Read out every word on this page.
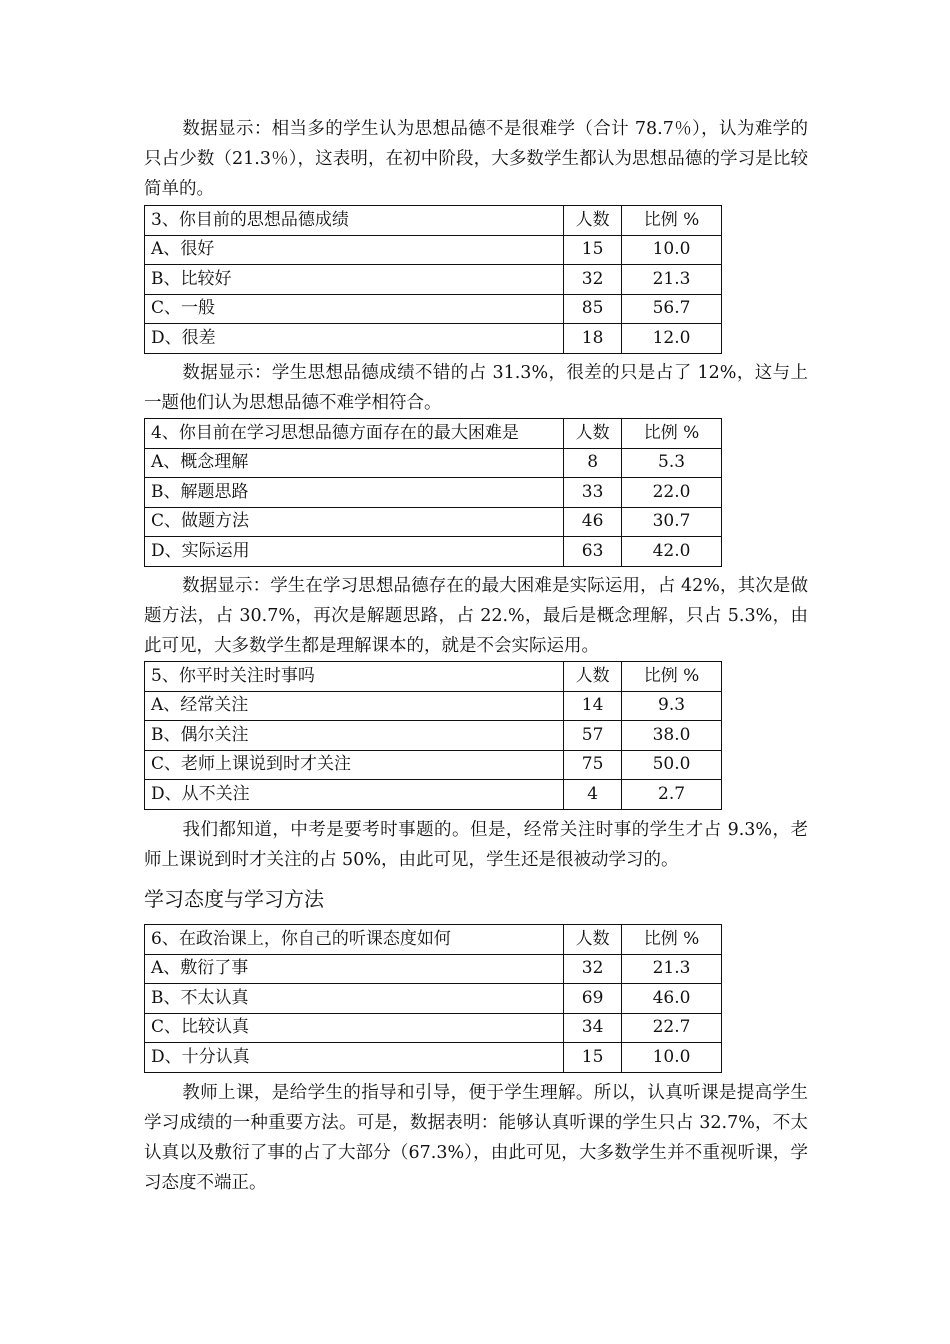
数据显示：相当多的学生认为思想品德不是很难学（合计 78.7％），认为难学的只占少数（21.3％），这表明，在初中阶段，大多数学生都认为思想品德的学习是比较简单的。

3、你目前的思想品德成绩	人数	比例 %
A、很好	15	10.0
B、比较好	32	21.3
C、一般	85	56.7
D、很差	18	12.0

数据显示：学生思想品德成绩不错的占 31.3%，很差的只是占了 12%，这与上一题他们认为思想品德不难学相符合。

4、你目前在学习思想品德方面存在的最大困难是	人数	比例 %
A、概念理解	8	5.3
B、解题思路	33	22.0
C、做题方法	46	30.7
D、实际运用	63	42.0

数据显示：学生在学习思想品德存在的最大困难是实际运用，占 42%，其次是做题方法，占 30.7%，再次是解题思路，占 22.%，最后是概念理解，只占 5.3%，由此可见，大多数学生都是理解课本的，就是不会实际运用。

5、你平时关注时事吗	人数	比例 %
A、经常关注	14	9.3
B、偶尔关注	57	38.0
C、老师上课说到时才关注	75	50.0
D、从不关注	4	2.7

我们都知道，中考是要考时事题的。但是，经常关注时事的学生才占 9.3%，老师上课说到时才关注的占 50%，由此可见，学生还是很被动学习的。

学习态度与学习方法
6、在政治课上，你自己的听课态度如何	人数	比例 %
A、敷衍了事	32	21.3
B、不太认真	69	46.0
C、比较认真	34	22.7
D、十分认真	15	10.0

教师上课，是给学生的指导和引导，便于学生理解。所以，认真听课是提高学生学习成绩的一种重要方法。可是，数据表明：能够认真听课的学生只占 32.7%，不太认真以及敷衍了事的占了大部分（67.3%），由此可见，大多数学生并不重视听课，学习态度不端正。
